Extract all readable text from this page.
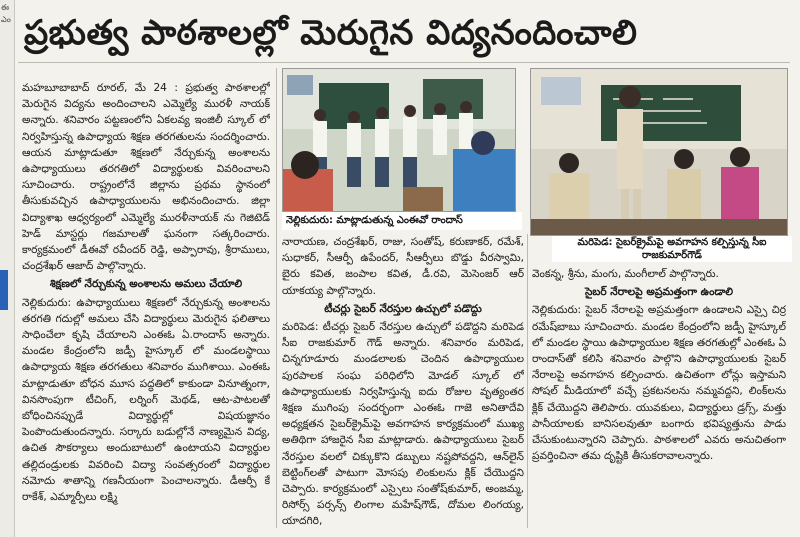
ఈ ఎం ప్రభుత్వ పాఠశాలల్లో మెరుగైన విద్యనందించాలి

మహబూబాబాద్ రూరల్, మే 24 : ప్రభుత్వ పాఠశాలల్లో మెరుగైన విద్యను అందించాలని ఎమ్మెల్యే మురళీ నాయక్ అన్నారు. శనివారం పట్టణంలోని ఏకలవ్య ఇంజిలీ స్కూల్ లో నిర్వహిస్తున్న ఉపాధ్యాయ శిక్షణ తరగతులను సందర్శించారు. ఆయన మాట్లాడుతూ శిక్షణలో నేర్చుకున్న అంశాలను ఉపాధ్యాయులు తరగతిలో విద్యార్థులకు వివరించాలని సూచించారు. రాష్ట్రంలోనే జిల్లాను ప్రథమ స్థానంలో తీసుకువచ్చిన ఉపాధ్యాయులను అభినందించారు. జిల్లా విద్యాశాఖ ఆధ్వర్యంలో ఎమ్మెల్యే మురళీనాయక్ ను గెజిటెడ్ హెడ్ మాస్టర్లు గజమాలతో ఘనంగా సత్కరించారు. కార్యక్రమంలో డీఈవో రవీందర్ రెడ్డి, అప్పారావు, శ్రీరాములు, చంద్రశేఖర్ ఆజాద్ పాల్గొన్నారు.

శిక్షణలో నేర్చుకున్న అంశాలను అమలు చేయాలి

నెల్లికుదురు: ఉపాధ్యాయులు శిక్షణలో నేర్చుకున్న అంశాలను తరగతి గదుల్లో అమలు చేసి విద్యార్థులు మెరుగైన ఫలితాలు సాధించేలా కృషి చేయాలని ఎంఈఓ ఏ.రాందాస్ అన్నారు. మండల కేంద్రంలోని జడ్పీ హైస్కూల్ లో మండలస్థాయి ఉపాధ్యాయ శిక్షణ తరగతులు శనివారం ముగిశాయి. ఎంఈఓ మాట్లాడుతూ బోధన మూస పద్ధతిలో కాకుండా వినూత్నంగా, వినసొంపుగా టీచింగ్, లర్నింగ్ మెథడ్, ఆట-పాటలతో బోధించినప్పుడే విద్యార్థుల్లో విషయజ్ఞానం పెంపొందుతుందన్నారు. సర్కారు బడుల్లోనే నాణ్యమైన విద్య, ఉచిత సౌకర్యాలు అందుబాటులో ఉంటాయని విద్యార్థుల తల్లిదండ్రులకు వివరించి విద్యా సంవత్సరంలో విద్యార్థుల నమోదు శాతాన్ని గణనీయంగా పెంచాలన్నారు. డీఆర్పీ కే రాకేశ్, ఎమ్మార్పీలు లక్ష్మి

నెల్లికుదురు: మాట్లాడుతున్న ఎంఈవో రాందాస్
మరిపెడ: సైబర్‌క్రైమ్‌పై అవగాహన కల్పిస్తున్న సీఐ రాజకుమార్‌గౌడ్

నారాయణ, చంద్రశేఖర్, రాజు, సంతోష్, కరుణాకర్, రమేశ్, సుధాకర్, సీఆర్పీ ఉపేందర్, సీఆర్పీలు బొడ్డు వీరస్వామి, బైరు కవిత, జంపాల కవిత, డీ.రవి, మెసెంజర్ ఆర్ యాకయ్య పాల్గొన్నారు.

టీచర్లు సైబర్ నేరస్తుల ఉచ్చులో పడొద్దు

మరిపెడ: టీచర్లు సైబర్ నేరస్తుల ఉచ్చులో పడొద్దని మరిపెడ సీఐ రాజకుమార్ గౌడ్ అన్నారు. శనివారం మరిపెడ, చిన్నగూడూరు మండలాలకు చెందిన ఉపాధ్యాయుల పురపాలక సంఘ పరిధిలోని మోడల్ స్కూల్ లో ఉపాధ్యాయులకు నిర్వహిస్తున్న ఐదు రోజుల వృత్యంతర శిక్షణ ముగింపు సందర్భంగా ఎంఈఓ గాజె అనితాదేవి అధ్యక్షతన సైబర్‌క్రైమ్‌పై అవగాహన కార్యక్రమంలో ముఖ్య అతిథిగా హాజరైన సీఐ మాట్లాడారు. ఉపాధ్యాయులు సైబర్ నేరస్తుల వలలో చిక్కుకొని డబ్బులు నష్టపోవద్దని, ఆన్‌లైన్ బెట్టింగ్‌లతో పాటుగా మోసపు లింకులను క్లిక్ చేయొద్దని చెప్పారు. కార్యక్రమంలో ఎస్సైలు సంతోష్‌కుమార్, అంజమ్మ, రిసోర్స్ పర్సన్స్ లింగాల మహేష్‌గౌడ్, దోమల లింగయ్య, యాదగిరి,

వెంకన్న, శ్రీను, మంగు, మంగీలాల్ పాల్గొన్నారు.

సైబర్ నేరాలపై అప్రమత్తంగా ఉండాలి

నెల్లికుదురు: సైబర్ నేరాలపై అప్రమత్తంగా ఉండాలని ఎస్సై చిర్ర రమేష్‌బాబు సూచించారు. మండల కేంద్రంలోని జడ్పీ హైస్కూల్ లో మండల స్థాయి ఉపాధ్యాయుల శిక్షణ తరగతుల్లో ఎంఈఓ ఏ రాందాస్‌తో కలిసి శనివారం పాల్గొని ఉపాధ్యాయులకు సైబర్‌ నేరాలపై అవగాహన కల్పించారు. ఉచితంగా లోన్లు ఇస్తామని సోషల్ మీడియాలో వచ్చే ప్రకటనలను నమ్మవద్దని, లింక్‌లను క్లిక్ చేయొద్దని తెలిపారు. యువకులు, విద్యార్థులు డ్రగ్స్, మత్తు పానీయాలకు బానిసలవుతూ బంగారు భవిష్యత్తును పాడు చేసుకుంటున్నారని చెప్పారు. పాఠశాలలో ఎవరు అనుచితంగా ప్రవర్తించినా తమ దృష్టికి తీసుకరావాలన్నారు.
